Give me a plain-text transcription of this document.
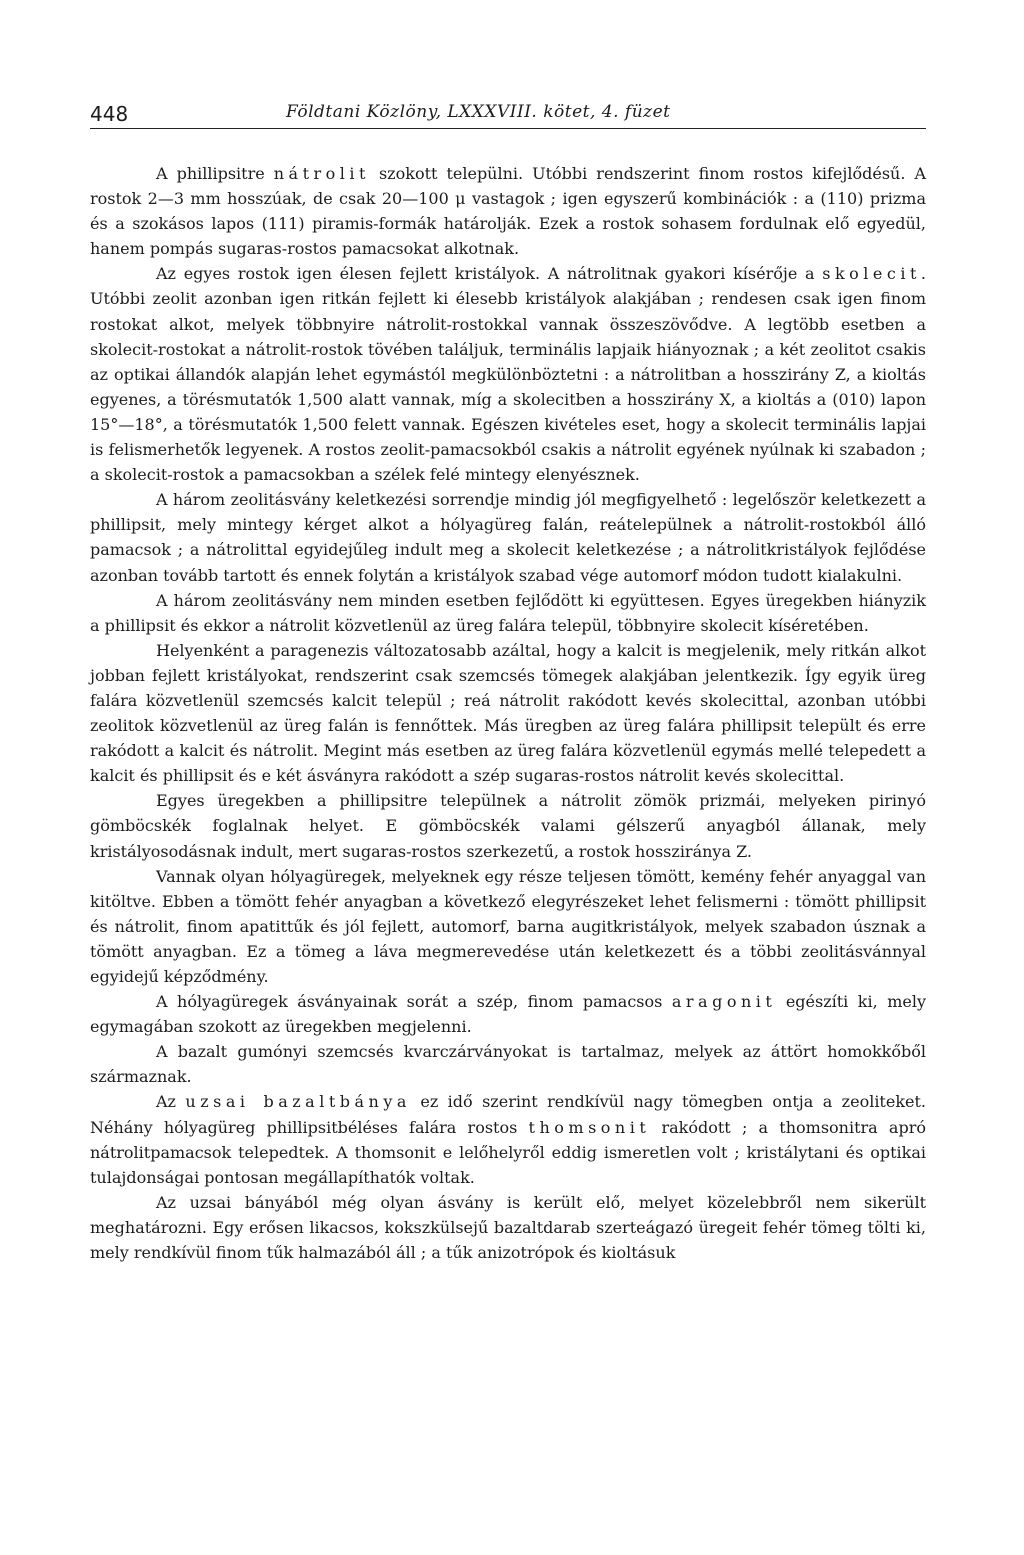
448	Földtani Közlöny, LXXXVIII. kötet, 4. füzet

A phillipsitre nátrolit szokott települni. Utóbbi rendszerint finom rostos kifejlődésű. A rostok 2—3 mm hosszúak, de csak 20—100 μ vastagok ; igen egyszerű kombinációk : a (110) prizma és a szokásos lapos (111) piramis-formák határolják. Ezek a rostok sohasem fordulnak elő egyedül, hanem pompás sugaras-rostos pamacsokat alkotnak.

Az egyes rostok igen élesen fejlett kristályok. A nátrolitnak gyakori kísérője a skolecit. Utóbbi zeolit azonban igen ritkán fejlett ki élesebb kristályok alakjában ; rendesen csak igen finom rostokat alkot, melyek többnyire nátrolit-rostokkal vannak összeszövődve. A legtöbb esetben a skolecit-rostokat a nátrolit-rostok tövében találjuk, terminális lapjaik hiányoznak ; a két zeolitot csakis az optikai állandók alapján lehet egymástól megkülönböztetni : a nátrolitban a hosszirány Z, a kioltás egyenes, a törésmutatók 1,500 alatt vannak, míg a skolecitben a hosszirány X, a kioltás a (010) lapon 15°—18°, a törésmutatók 1,500 felett vannak. Egészen kivételes eset, hogy a skolecit terminális lapjai is felismerhetők legyenek. A rostos zeolit-pamacsokból csakis a nátrolit egyének nyúlnak ki szabadon ; a skolecit-rostok a pamacsokban a szélek felé mintegy elenyésznek.

A három zeolitásvány keletkezési sorrendje mindig jól megfigyelhető : legelőször keletkezett a phillipsit, mely mintegy kérget alkot a hólyagüreg falán, reátelepülnek a nátrolit-rostokból álló pamacsok ; a nátrolittal egyidejűleg indult meg a skolecit keletkezése ; a nátrolitkristályok fejlődése azonban tovább tartott és ennek folytán a kristályok szabad vége automorf módon tudott kialakulni.

A három zeolitásvány nem minden esetben fejlődött ki együttesen. Egyes üregekben hiányzik a phillipsit és ekkor a nátrolit közvetlenül az üreg falára települ, többnyire skolecit kíséretében.

Helyenként a paragenezis változatosabb azáltal, hogy a kalcit is megjelenik, mely ritkán alkot jobban fejlett kristályokat, rendszerint csak szemcsés tömegek alakjában jelentkezik. Így egyik üreg falára közvetlenül szemcsés kalcit települ ; reá nátrolit rakódott kevés skolecittal, azonban utóbbi zeolitok közvetlenül az üreg falán is fennőttek. Más üregben az üreg falára phillipsit települt és erre rakódott a kalcit és nátrolit. Megint más esetben az üreg falára közvetlenül egymás mellé telepedett a kalcit és phillipsit és e két ásványra rakódott a szép sugaras-rostos nátrolit kevés skolecittal.

Egyes üregekben a phillipsitre települnek a nátrolit zömök prizmái, melyeken pirinyó gömböcskék foglalnak helyet. E gömböcskék valami gélszerű anyagból állanak, mely kristályosodásnak indult, mert sugaras-rostos szerkezetű, a rostok hossziránya Z.

Vannak olyan hólyagüregek, melyeknek egy része teljesen tömött, kemény fehér anyaggal van kitöltve. Ebben a tömött fehér anyagban a következő elegyrészeket lehet felismerni : tömött phillipsit és nátrolit, finom apatittűk és jól fejlett, automorf, barna augitkristályok, melyek szabadon úsznak a tömött anyagban. Ez a tömeg a láva megmerevedése után keletkezett és a többi zeolitásvánnyal egyidejű képződmény.

A hólyagüregek ásványainak sorát a szép, finom pamacsos aragonit egészíti ki, mely egymagában szokott az üregekben megjelenni.

A bazalt gumónyi szemcsés kvarczárványokat is tartalmaz, melyek az áttört homokkőből származnak.

Az uzsai bazaltbánya ez idő szerint rendkívül nagy tömegben ontja a zeoliteket. Néhány hólyagüreg phillipsitbéléses falára rostos thomsonit rakódott ; a thomsonitra apró nátrolitpamacsok telepedtek. A thomsonit e lelőhelyről eddig ismeretlen volt ; kristálytani és optikai tulajdonságai pontosan megállapíthatók voltak.

Az uzsai bányából még olyan ásvány is került elő, melyet közelebbről nem sikerült meghatározni. Egy erősen likacsos, kokszkülsejű bazaltdarab szerteágazó üregeit fehér tömeg tölti ki, mely rendkívül finom tűk halmazából áll ; a tűk anizotrópok és kioltásuk
